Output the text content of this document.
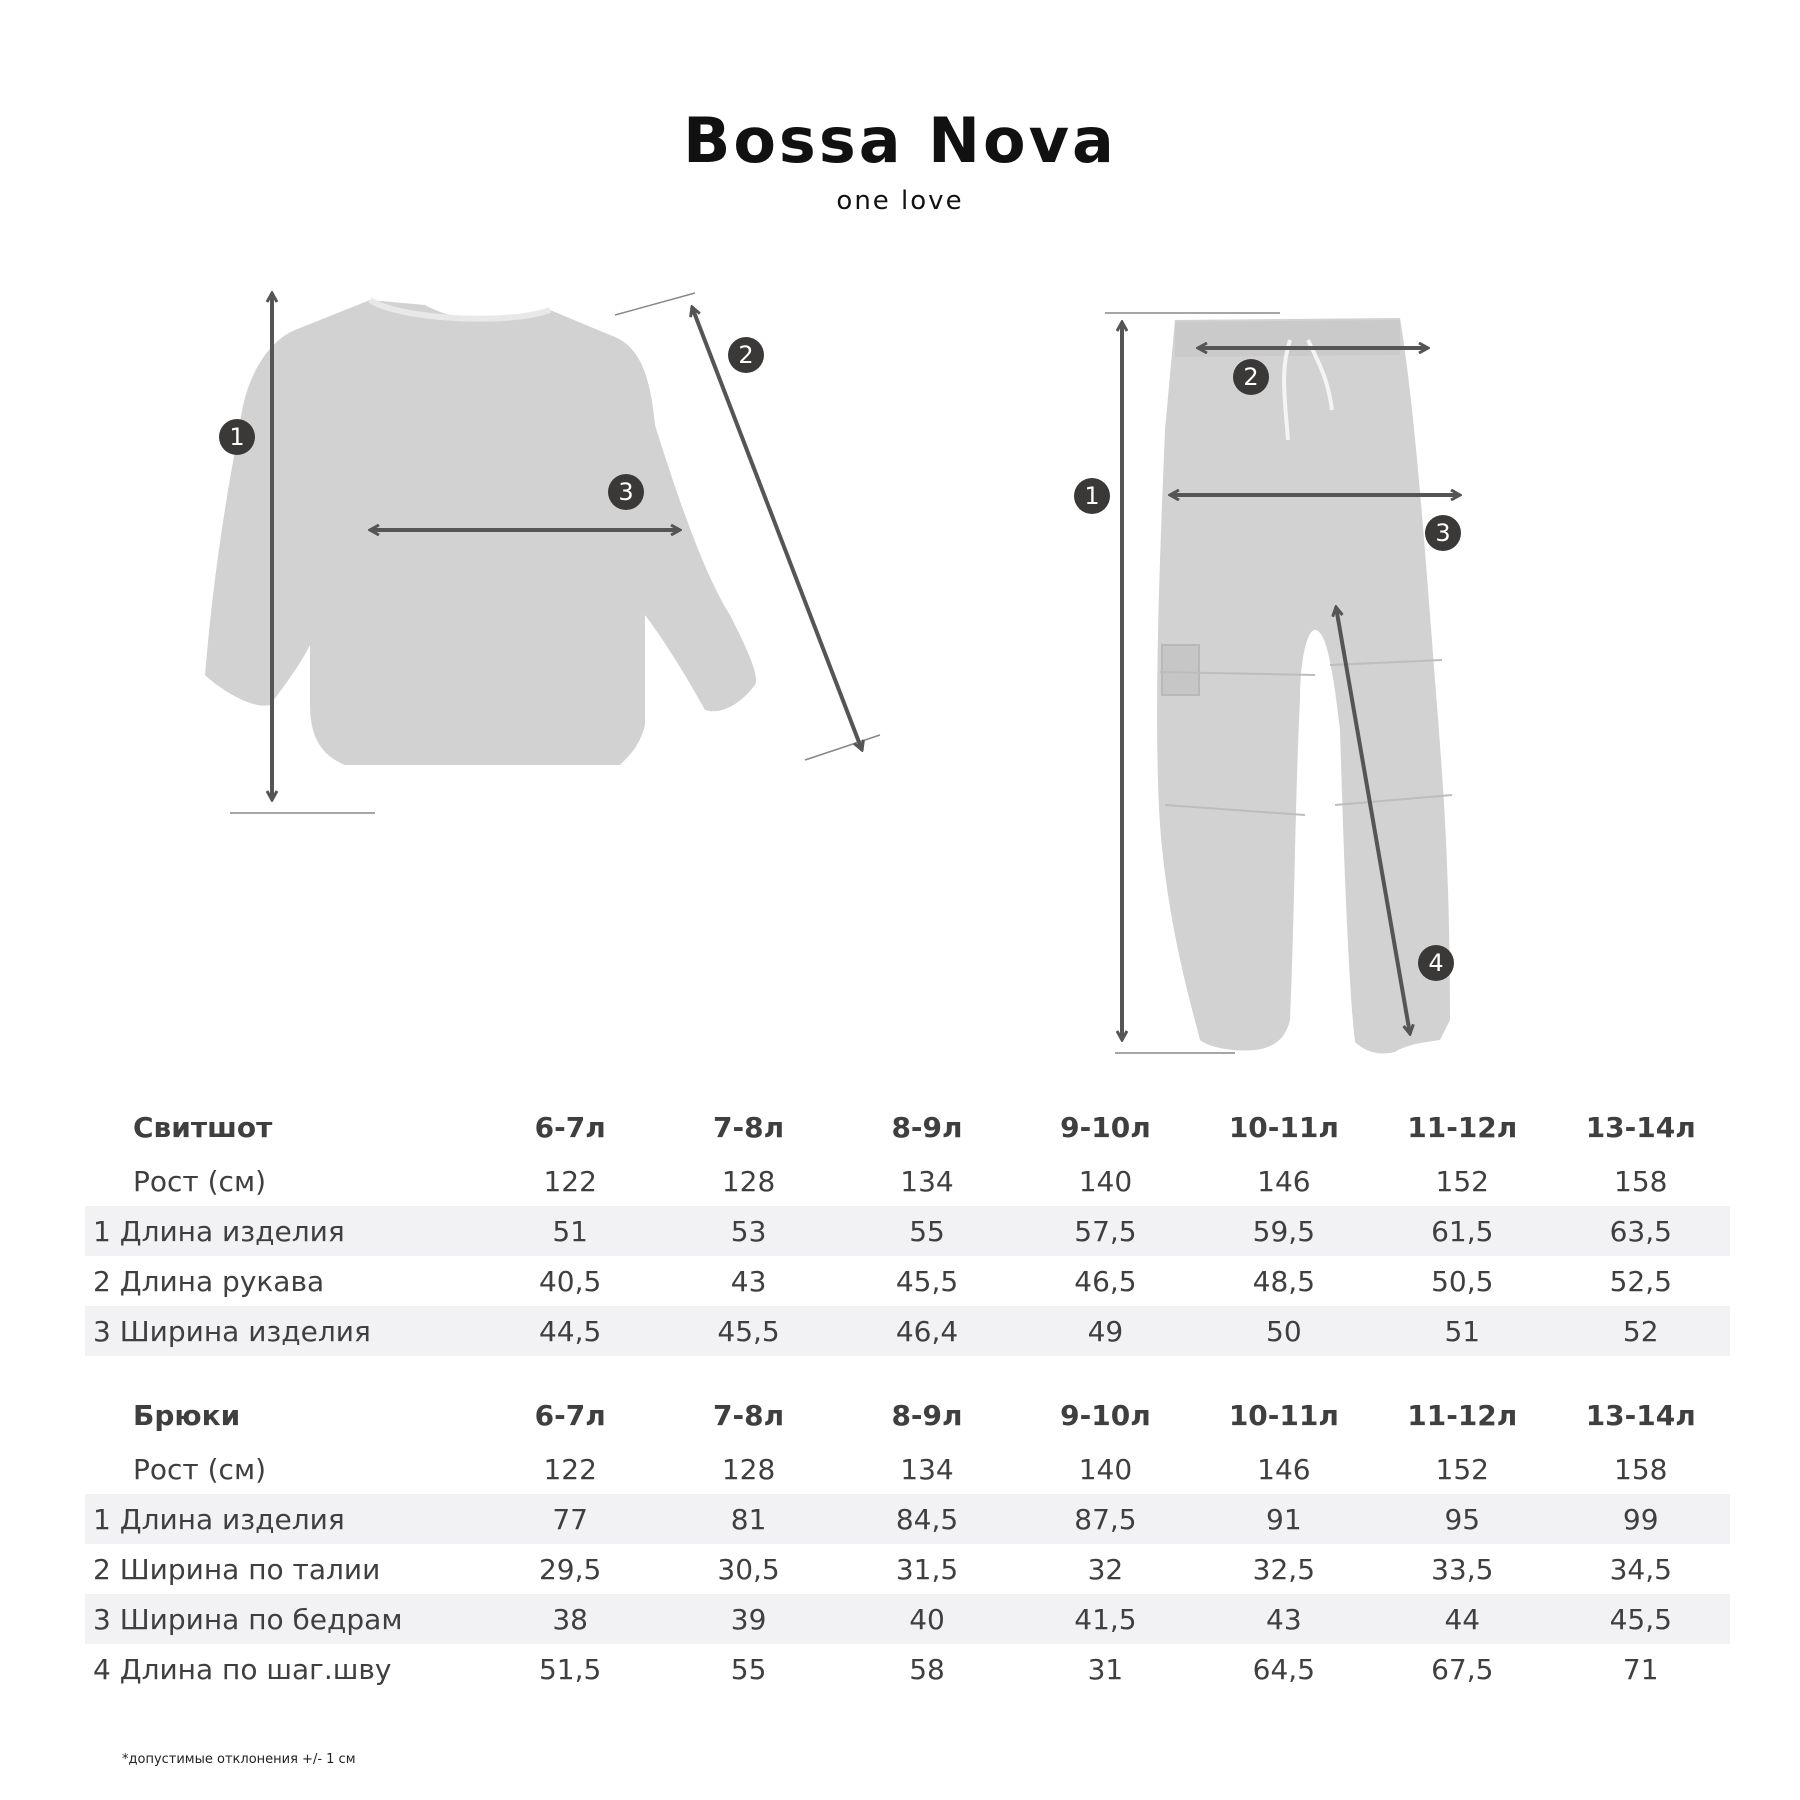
Bossa Nova
one love
1
2
3	1
2
3
4
Свитшот	6-7л	7-8л	8-9л	9-10л	10-11л	11-12л	13-14л
Рост (см)	122	128	134	140	146	152	158
1 Длина изделия	51	53	55	57,5	59,5	61,5	63,5
2 Длина рукава	40,5	43	45,5	46,5	48,5	50,5	52,5
3 Ширина изделия	44,5	45,5	46,4	49	50	51	52
Брюки	6-7л	7-8л	8-9л	9-10л	10-11л	11-12л	13-14л
Рост (см)	122	128	134	140	146	152	158
1 Длина изделия	77	81	84,5	87,5	91	95	99
2 Ширина по талии	29,5	30,5	31,5	32	32,5	33,5	34,5
3 Ширина по бедрам	38	39	40	41,5	43	44	45,5
4 Длина по шаг.шву	51,5	55	58	31	64,5	67,5	71
*допустимые отклонения +/- 1 см
